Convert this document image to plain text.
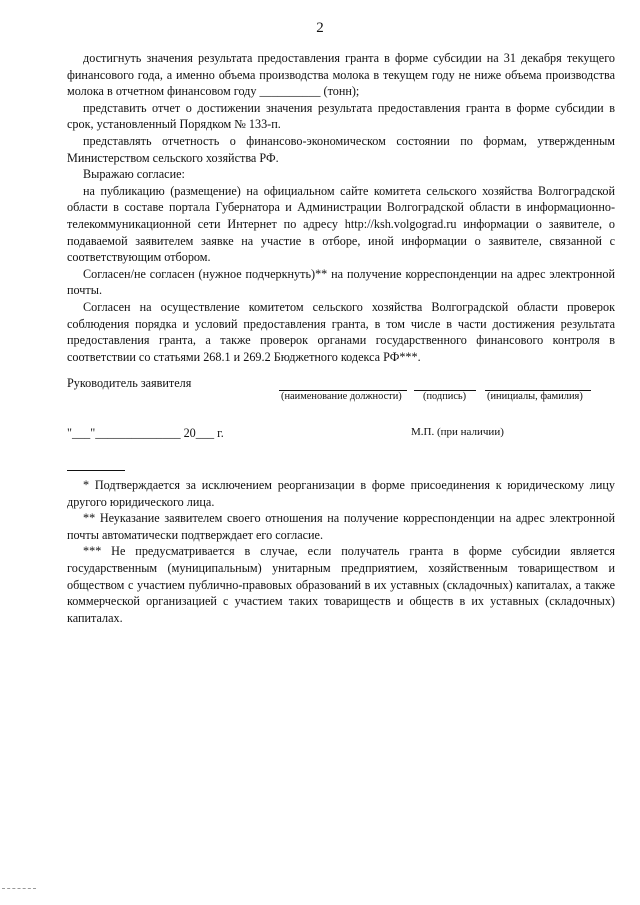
2

достигнуть значения результата предоставления гранта в форме субсидии на 31 декабря текущего финансового года, а именно объема производства молока в текущем году не ниже объема производства молока в отчетном финансовом году __________ (тонн);

представить отчет о достижении значения результата предоставления гранта в форме субсидии в срок, установленный Порядком № 133-п.

представлять отчетность о финансово-экономическом состоянии по формам, утвержденным Министерством сельского хозяйства РФ.

Выражаю согласие:

на публикацию (размещение) на официальном сайте комитета сельского хозяйства Волгоградской области в составе портала Губернатора и Администрации Волгоградской области в информационно-телекоммуникационной сети Интернет по адресу http://ksh.volgograd.ru информации о заявителе, о подаваемой заявителем заявке на участие в отборе, иной информации о заявителе, связанной с соответствующим отбором.

Согласен/не согласен (нужное подчеркнуть)** на получение корреспонденции на адрес электронной почты.

Согласен на осуществление комитетом сельского хозяйства Волгоградской области проверок соблюдения порядка и условий предоставления гранта, в том числе в части достижения результата предоставления гранта, а также проверок органами государственного финансового контроля в соответствии со статьями 268.1 и 269.2 Бюджетного кодекса РФ***.

Руководитель заявителя
(наименование должности) (подпись) (инициалы, фамилия)
"___"______________ 20___ г.	М.П. (при наличии)

* Подтверждается за исключением реорганизации в форме присоединения к юридическому лицу другого юридического лица.

** Неуказание заявителем своего отношения на получение корреспонденции на адрес электронной почты автоматически подтверждает его согласие.

*** Не предусматривается в случае, если получатель гранта в форме субсидии является государственным (муниципальным) унитарным предприятием, хозяйственным товариществом и обществом с участием публично-правовых образований в их уставных (складочных) капиталах, а также коммерческой организацией с участием таких товариществ и обществ в их уставных (складочных) капиталах.
